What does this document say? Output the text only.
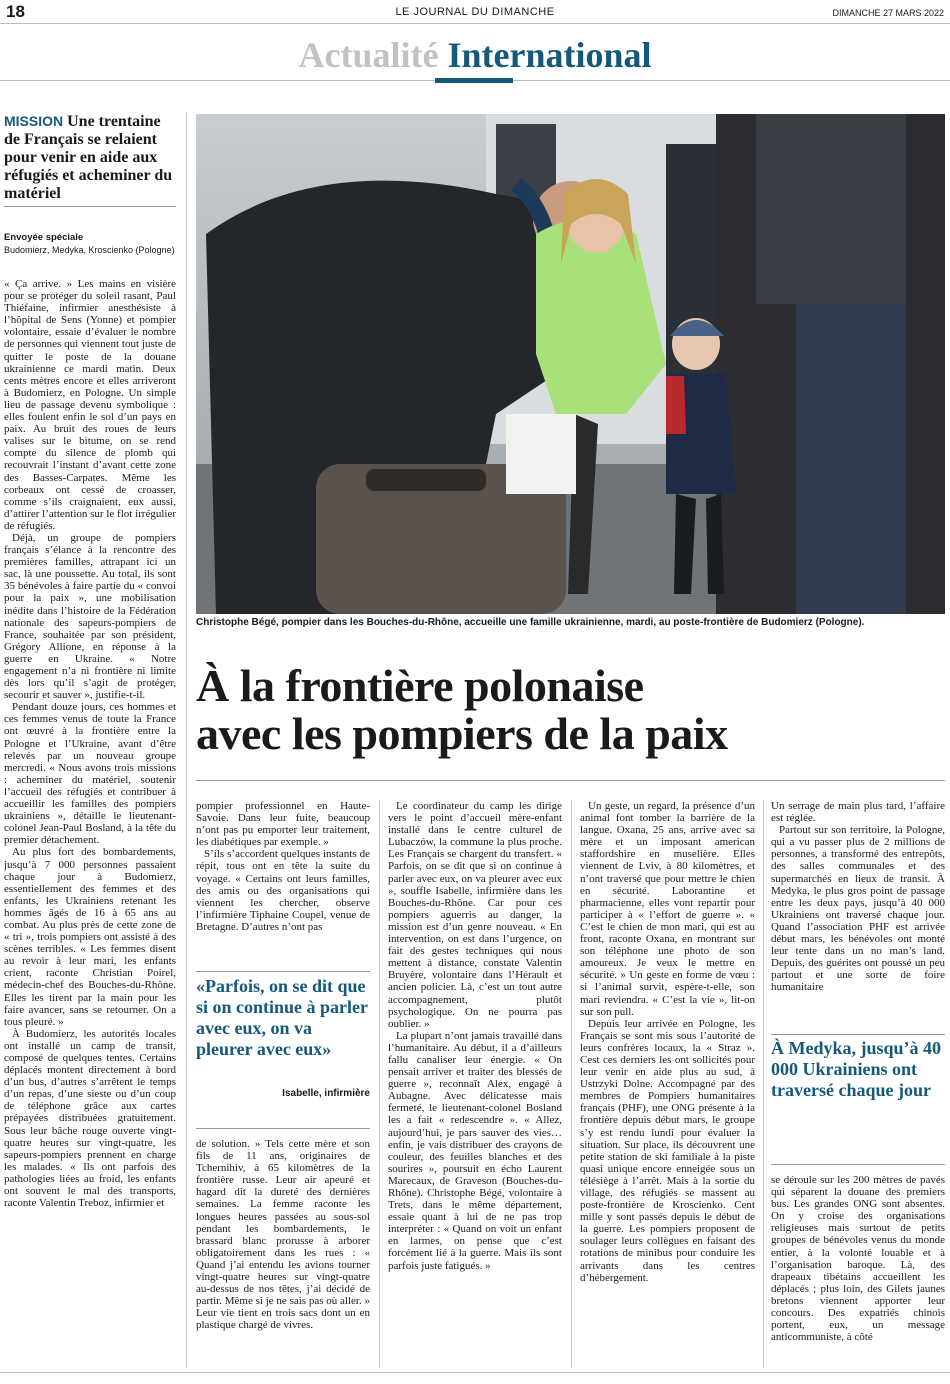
18	LE JOURNAL DU DIMANCHE	DIMANCHE 27 MARS 2022
Actualité International
MISSION Une trentaine de Français se relaient pour venir en aide aux réfugiés et acheminer du matériel
Envoyée spéciale
Budomierz, Medyka, Kroscienko (Pologne)
Christophe Bégé, pompier dans les Bouches-du-Rhône, accueille une famille ukrainienne, mardi, au poste-frontière de Budomierz (Pologne).
À la frontière polonaise
avec les pompiers de la paix

« Ça arrive. » Les mains en visière pour se protéger du soleil rasant, Paul Thiéfaine, infirmier anesthésiste à l’hôpital de Sens (Yonne) et pompier volontaire, essaie d’évaluer le nombre de personnes qui viennent tout juste de quitter le poste de la douane ukrainienne ce mardi matin. Deux cents mètres encore et elles arriveront à Budomierz, en Pologne. Un simple lieu de passage devenu symbolique : elles foulent enfin le sol d’un pays en paix. Au bruit des roues de leurs valises sur le bitume, on se rend compte du silence de plomb qui recouvrait l’instant d’avant cette zone des Basses-Carpates. Même les corbeaux ont cessé de croasser, comme s’ils craignaient, eux aussi, d’attirer l’attention sur le flot irrégulier de réfugiés.

Déjà, un groupe de pompiers français s’élance à la rencontre des premières familles, attrapant ici un sac, là une poussette. Au total, ils sont 35 bénévoles à faire partie du « convoi pour la paix », une mobilisation inédite dans l’histoire de la Fédération nationale des sapeurs-pompiers de France, souhaitée par son président, Grégory Allione, en réponse à la guerre en Ukraine. « Notre engagement n’a ni frontière ni limite dès lors qu’il s’agit de protéger, secourir et sauver », justifie-t-il.

Pendant douze jours, ces hommes et ces femmes venus de toute la France ont œuvré à la frontière entre la Pologne et l’Ukraine, avant d’être relevés par un nouveau groupe mercredi. « Nous avons trois missions : acheminer du matériel, soutenir l’accueil des réfugiés et contribuer à accueillir les familles des pompiers ukrainiens », détaille le lieutenant-colonel Jean-Paul Bosland, à la tête du premier détachement.

Au plus fort des bombardements, jusqu’à 7 000 personnes passaient chaque jour à Budomierz, essentiellement des femmes et des enfants, les Ukrainiens retenant les hommes âgés de 16 à 65 ans au combat. Au plus près de cette zone de « tri », trois pompiers ont assisté à des scènes terribles. « Les femmes disent au revoir à leur mari, les enfants crient, raconte Christian Poirel, médecin-chef des Bouches-du-Rhône. Elles les tirent par la main pour les faire avancer, sans se retourner. On a tous pleuré. »

À Budomierz, les autorités locales ont installé un camp de transit, composé de quelques tentes. Certains déplacés montent directement à bord d’un bus, d’autres s’arrêtent le temps d’un repas, d’une sieste ou d’un coup de téléphone grâce aux cartes prépayées distribuées gratuitement. Sous leur bâche rouge ouverte vingt-quatre heures sur vingt-quatre, les sapeurs-pompiers prennent en charge les malades. « Ils ont parfois des pathologies liées au froid, les enfants ont souvent le mal des transports, raconte Valentin Treboz, infirmier et

pompier professionnel en Haute-Savoie. Dans leur fuite, beaucoup n’ont pas pu emporter leur traitement, les diabétiques par exemple. »

S’ils s’accordent quelques instants de répit, tous ont en tête la suite du voyage. « Certains ont leurs familles, des amis ou des organisations qui viennent les chercher, observe l’infirmière Tiphaine Coupel, venue de Bretagne. D’autres n’ont pas

«Parfois, on se dit que si on continue à parler avec eux, on va pleurer avec eux»
Isabelle, infirmière

de solution. » Tels cette mère et son fils de 11 ans, originaires de Tchernihiv, à 65 kilomètres de la frontière russe. Leur air apeuré et hagard dit la dureté des dernières semaines. La femme raconte les longues heures passées au sous-sol pendant les bombardements, le brassard blanc prorusse à arborer obligatoirement dans les rues : « Quand j’ai entendu les avions tourner vingt-quatre heures sur vingt-quatre au-dessus de nos têtes, j’ai décidé de partir. Même si je ne sais pas où aller. » Leur vie tient en trois sacs dont un en plastique chargé de vivres.

Le coordinateur du camp les dirige vers le point d’accueil mère-enfant installé dans le centre culturel de Lubaczów, la commune la plus proche. Les Français se chargent du transfert. « Parfois, on se dit que si on continue à parler avec eux, on va pleurer avec eux », souffle Isabelle, infirmière dans les Bouches-du-Rhône. Car pour ces pompiers aguerris au danger, la mission est d’un genre nouveau. « En intervention, on est dans l’urgence, on fait des gestes techniques qui nous mettent à distance, constate Valentin Bruyère, volontaire dans l’Hérault et ancien policier. Là, c’est un tout autre accompagnement, plutôt psychologique. On ne pourra pas oublier. »

La plupart n’ont jamais travaillé dans l’humanitaire. Au début, il a d’ailleurs fallu canaliser leur énergie. « On pensait arriver et traiter des blessés de guerre », reconnaît Alex, engagé à Aubagne. Avec délicatesse mais fermeté, le lieutenant-colonel Bosland les a fait « redescendre ». « Allez, aujourd’hui, je pars sauver des vies… enfin, je vais distribuer des crayons de couleur, des feuilles blanches et des sourires », poursuit en écho Laurent Marecaux, de Graveson (Bouches-du-Rhône). Christophe Bégé, volontaire à Trets, dans le même département, essaie quant à lui de ne pas trop interpréter : « Quand on voit un enfant en larmes, on pense que c’est forcément lié à la guerre. Mais ils sont parfois juste fatigués. »

Un geste, un regard, la présence d’un animal font tomber la barrière de la langue. Oxana, 25 ans, arrive avec sa mère et un imposant american staffordshire en muselière. Elles viennent de Lviv, à 80 kilomètres, et n’ont traversé que pour mettre le chien en sécurité. Laborantine et pharmacienne, elles vont repartir pour participer à « l’effort de guerre ». « C’est le chien de mon mari, qui est au front, raconte Oxana, en montrant sur son téléphone une photo de son amoureux. Je veux le mettre en sécurité. » Un geste en forme de vœu : si l’animal survit, espère-t-elle, son mari reviendra. « C’est la vie », lit-on sur son pull.

Depuis leur arrivée en Pologne, les Français se sont mis sous l’autorité de leurs confrères locaux, la « Straz ». Cest ces derniers les ont sollicités pour leur venir en aide plus au sud, à Ustrzyki Dolne. Accompagné par des membres de Pompiers humanitaires français (PHF), une ONG présente à la frontière depuis début mars, le groupe s’y est rendu lundi pour évaluer la situation. Sur place, ils découvrent une petite station de ski familiale à la piste quasi unique encore enneigée sous un télésiège à l’arrêt. Mais à la sortie du village, des réfugiés se massent au poste-frontière de Kroscienko. Cent mille y sont passés depuis le début de la guerre. Les pompiers proposent de soulager leurs collègues en faisant des rotations de minibus pour conduire les arrivants dans les centres d’hébergement.

Un serrage de main plus tard, l’affaire est réglée.

Partout sur son territoire, la Pologne, qui a vu passer plus de 2 millions de personnes, a transformé des entrepôts, des salles communales et des supermarchés en lieux de transit. À Medyka, le plus gros point de passage entre les deux pays, jusqu’à 40 000 Ukrainiens ont traversé chaque jour. Quand l’association PHF est arrivée début mars, les bénévoles ont monté leur tente dans un no man’s land. Depuis, des guérites ont poussé un peu partout et une sorte de foire humanitaire

À Medyka, jusqu’à 40 000 Ukrainiens ont traversé chaque jour

se déroule sur les 200 mètres de pavés qui séparent la douane des premiers bus. Les grandes ONG sont absentes. On y croise des organisations religieuses mais surtout de petits groupes de bénévoles venus du monde entier, à la volonté louable et à l’organisation baroque. Là, des drapeaux tibétains accueillent les déplacés ; plus loin, des Gilets jaunes bretons viennent apporter leur concours. Des expatriés chinois portent, eux, un message anticommuniste, à côté
